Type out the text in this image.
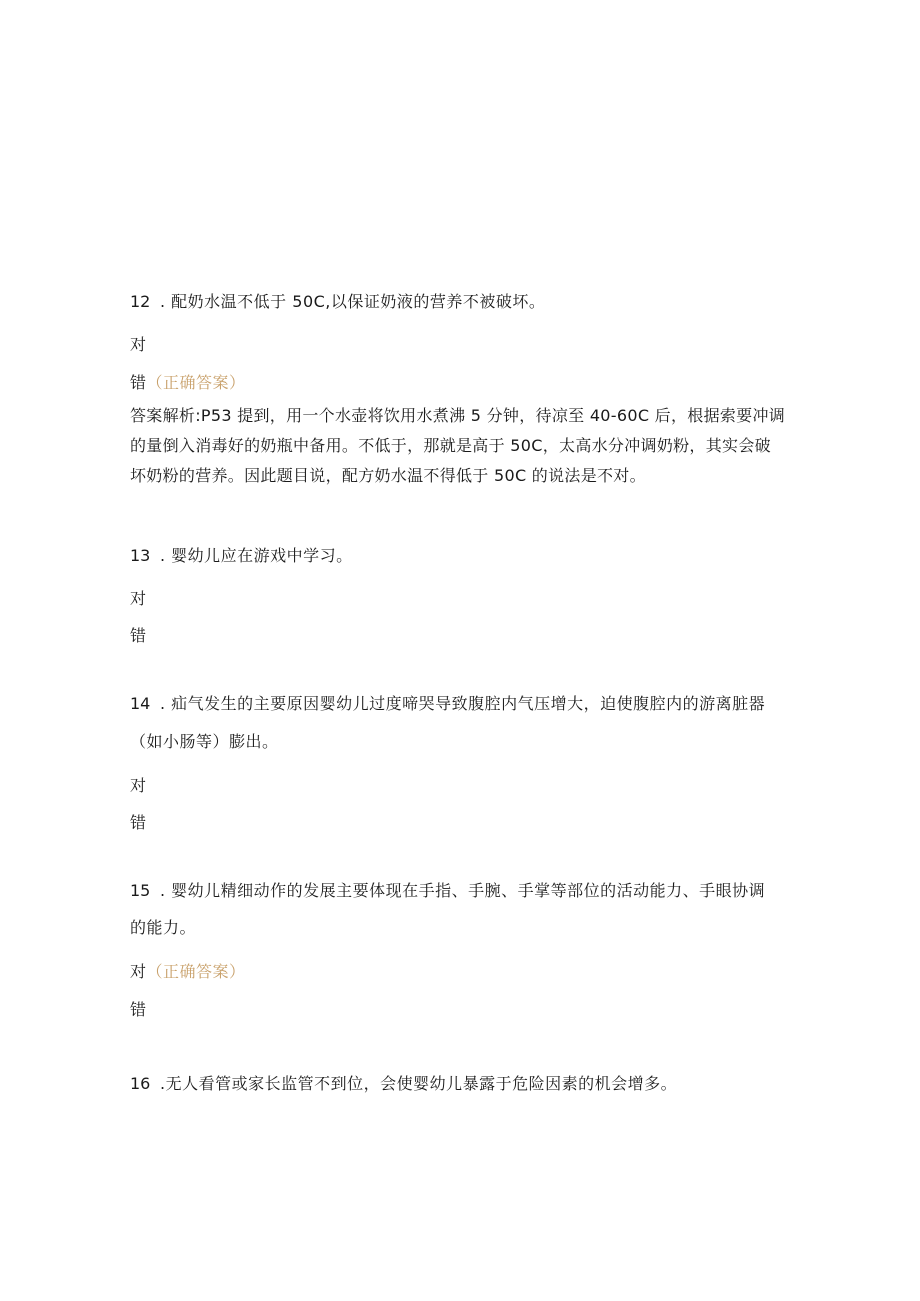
12 . 配奶水温不低于 50C,以保证奶液的营养不被破坏。
对
错（正确答案）
答案解析:P53 提到，用一个水壶将饮用水煮沸 5 分钟，待凉至 40-60C 后，根据索要冲调
的量倒入消毒好的奶瓶中备用。不低于，那就是高于 50C，太高水分冲调奶粉，其实会破
坏奶粉的营养。因此题目说，配方奶水温不得低于 50C 的说法是不对。
13 . 婴幼儿应在游戏中学习。
对
错
14 . 疝气发生的主要原因婴幼儿过度啼哭导致腹腔内气压增大，迫使腹腔内的游离脏器
（如小肠等）膨出。
对
错
15 . 婴幼儿精细动作的发展主要体现在手指、手腕、手掌等部位的活动能力、手眼协调
的能力。
对（正确答案）
错
16 .无人看管或家长监管不到位，会使婴幼儿暴露于危险因素的机会增多。
